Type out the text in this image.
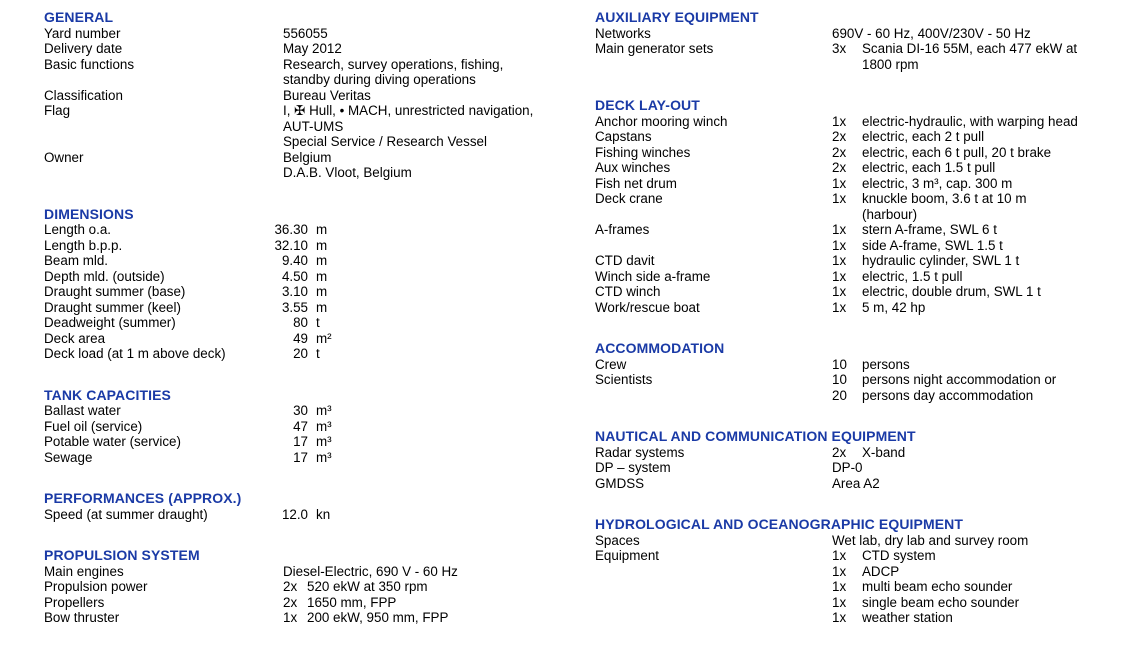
GENERAL
Yard number	556055
Delivery date	May 2012
Basic functions	Research, survey operations, fishing,
standby during diving operations
Classification	Bureau Veritas
Flag	I, ✠ Hull, • MACH, unrestricted navigation,
AUT-UMS
Special Service / Research Vessel
Owner	Belgium
D.A.B. Vloot, Belgium
DIMENSIONS
Length o.a.	36.30 m
Length b.p.p.	32.10 m
Beam mld.	9.40 m
Depth mld. (outside)	4.50 m
Draught summer (base)	3.10 m
Draught summer (keel)	3.55 m
Deadweight (summer)	80 t
Deck area	49 m²
Deck load (at 1 m above deck)	20 t
TANK CAPACITIES
Ballast water	30 m³
Fuel oil (service)	47 m³
Potable water (service)	17 m³
Sewage	17 m³
PERFORMANCES (APPROX.)
Speed (at summer draught)	12.0 kn
PROPULSION SYSTEM
Main engines	Diesel-Electric, 690 V - 60 Hz
Propulsion power	2x 520 ekW at 350 rpm
Propellers	2x 1650 mm, FPP
Bow thruster	1x 200 ekW, 950 mm, FPP
AUXILIARY EQUIPMENT
Networks	690V - 60 Hz, 400V/230V - 50 Hz
Main generator sets	3x	Scania DI-16 55M, each 477 ekW at
1800 rpm
DECK LAY-OUT
Anchor mooring winch	1x	electric-hydraulic, with warping head
Capstans	2x	electric, each 2 t pull
Fishing winches	2x	electric, each 6 t pull, 20 t brake
Aux winches	2x	electric, each 1.5 t pull
Fish net drum	1x	electric, 3 m³, cap. 300 m
Deck crane	1x	knuckle boom, 3.6 t at 10 m
(harbour)
A-frames	1x	stern A-frame, SWL 6 t
1x	side A-frame, SWL 1.5 t
CTD davit	1x	hydraulic cylinder, SWL 1 t
Winch side a-frame	1x	electric, 1.5 t pull
CTD winch	1x	electric, double drum, SWL 1 t
Work/rescue boat	1x	5 m, 42 hp
ACCOMMODATION
Crew	10	persons
Scientists	10	persons night accommodation or
20	persons day accommodation
NAUTICAL AND COMMUNICATION EQUIPMENT
Radar systems	2x	X-band
DP – system	DP-0
GMDSS	Area A2
HYDROLOGICAL AND OCEANOGRAPHIC EQUIPMENT
Spaces	Wet lab, dry lab and survey room
Equipment	1x	CTD system
1x	ADCP
1x	multi beam echo sounder
1x	single beam echo sounder
1x	weather station
